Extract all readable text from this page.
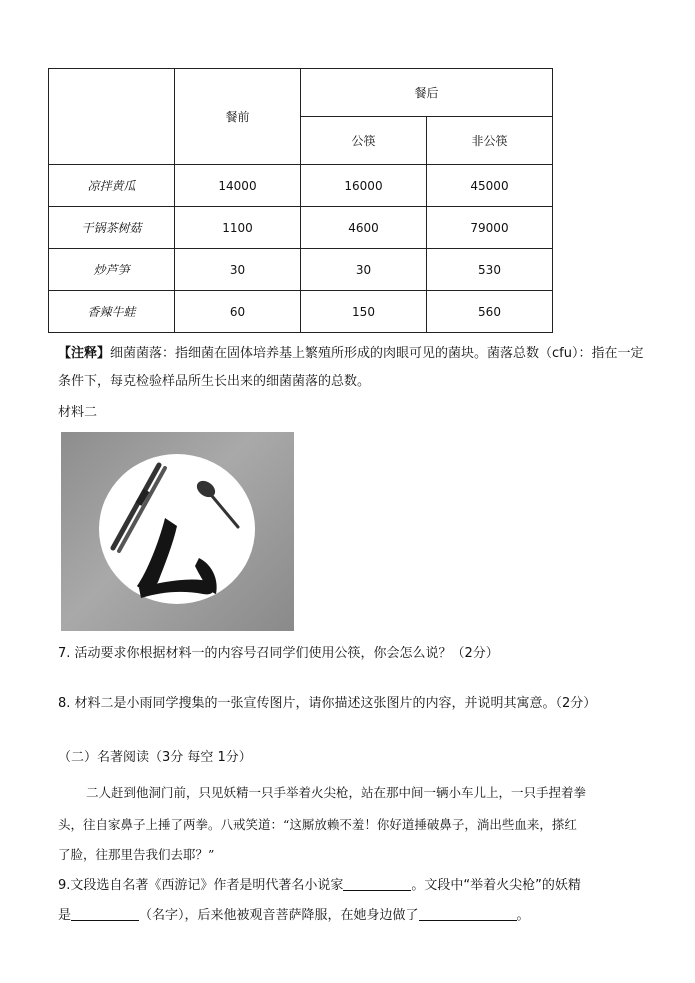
	餐前	餐后	
		公筷	非公筷
凉拌黄瓜	14000	16000	45000
干锅茶树菇	1100	4600	79000
炒芦笋	30	30	530
香辣牛蛙	60	150	560
【注释】细菌菌落：指细菌在固体培养基上繁殖所形成的肉眼可见的菌块。菌落总数（cfu）：指在一定条件下，每克检验样品所生长出来的细菌菌落的总数。
材料二
7. 活动要求你根据材料一的内容号召同学们使用公筷，你会怎么说？（2分）
8. 材料二是小雨同学搜集的一张宣传图片，请你描述这张图片的内容，并说明其寓意。（2分）
（二）名著阅读（3分 每空 1分）
二人赶到他洞门前，只见妖精一只手举着火尖枪，站在那中间一辆小车儿上，一只手捏着拳
头，往自家鼻子上捶了两拳。八戒笑道：“这厮放赖不羞！你好道捶破鼻子，淌出些血来，搽红
了脸，往那里告我们去耶？”
9.文段选自名著《西游记》作者是明代著名小说家	。文段中“举着火尖枪”的妖精
是	（名字），后来他被观音菩萨降服，在她身边做了	。
